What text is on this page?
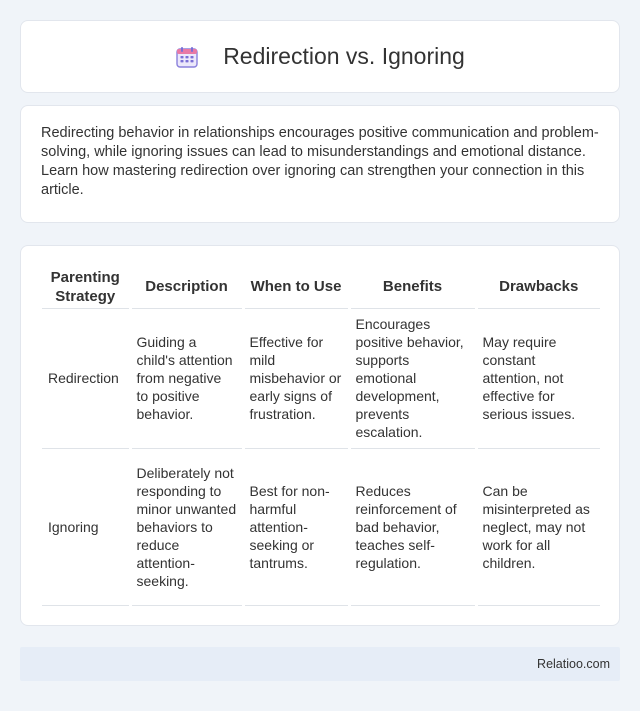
Redirection vs. Ignoring

Redirecting behavior in relationships encourages positive communication and problem-solving, while ignoring issues can lead to misunderstandings and emotional distance. Learn how mastering redirection over ignoring can strengthen your connection in this article.

Parenting Strategy	Description	When to Use	Benefits	Drawbacks
Redirection	Guiding a child's attention from negative to positive behavior.	Effective for mild misbehavior or early signs of frustration.	Encourages positive behavior, supports emotional development, prevents escalation.	May require constant attention, not effective for serious issues.
Ignoring	Deliberately not responding to minor unwanted behaviors to reduce attention-seeking.	Best for non-harmful attention-seeking or tantrums.	Reduces reinforcement of bad behavior, teaches self-regulation.	Can be misinterpreted as neglect, may not work for all children.
Relatioo.com
